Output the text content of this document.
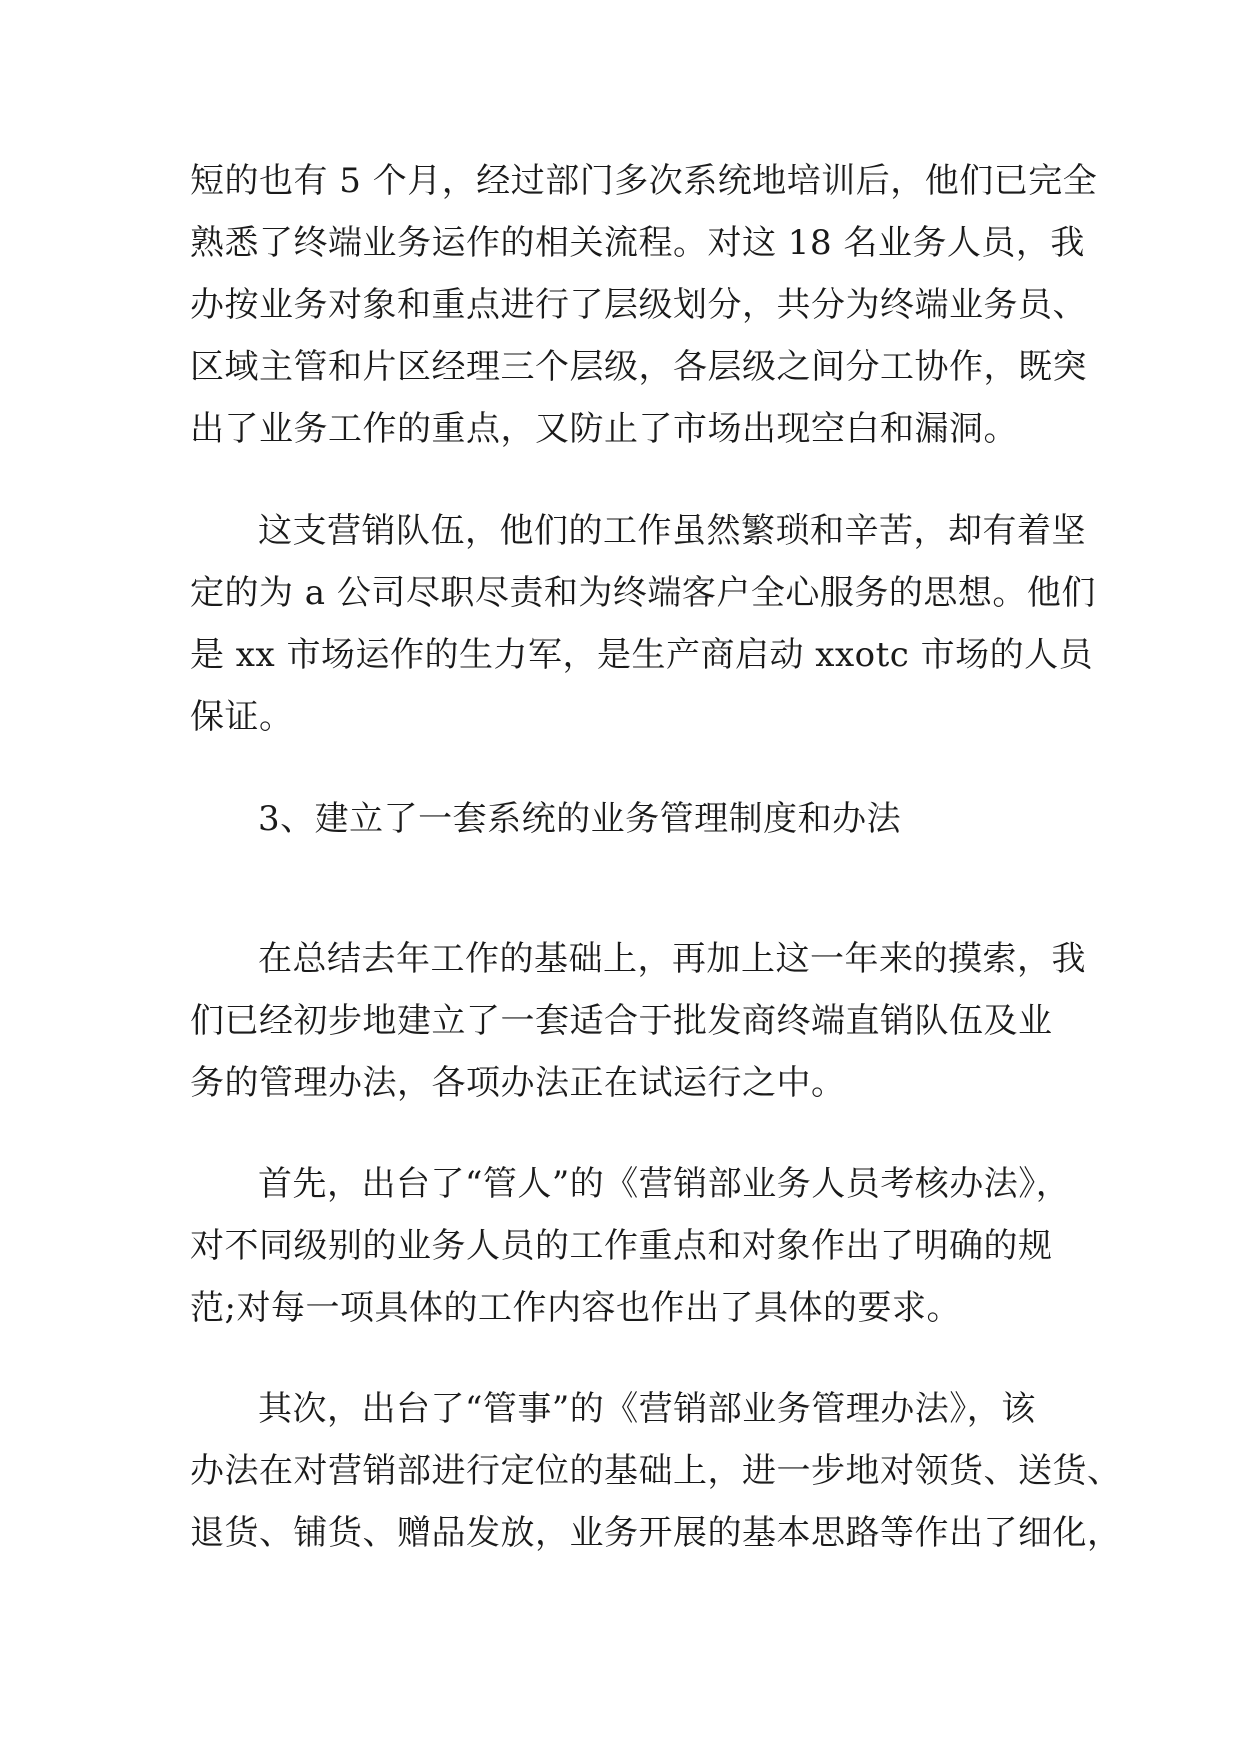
短的也有 5 个月，经过部门多次系统地培训后，他们已完全
熟悉了终端业务运作的相关流程。对这 18 名业务人员，我
办按业务对象和重点进行了层级划分，共分为终端业务员、
区域主管和片区经理三个层级，各层级之间分工协作，既突
出了业务工作的重点，又防止了市场出现空白和漏洞。
这支营销队伍，他们的工作虽然繁琐和辛苦，却有着坚
定的为 a 公司尽职尽责和为终端客户全心服务的思想。他们
是 xx 市场运作的生力军，是生产商启动 xxotc 市场的人员
保证。
3、建立了一套系统的业务管理制度和办法
在总结去年工作的基础上，再加上这一年来的摸索，我
们已经初步地建立了一套适合于批发商终端直销队伍及业
务的管理办法，各项办法正在试运行之中。
首先，出台了“管人”的《营销部业务人员考核办法》，
对不同级别的业务人员的工作重点和对象作出了明确的规
范;对每一项具体的工作内容也作出了具体的要求。
其次，出台了“管事”的《营销部业务管理办法》，该
办法在对营销部进行定位的基础上，进一步地对领货、送货、
退货、铺货、赠品发放，业务开展的基本思路等作出了细化，
